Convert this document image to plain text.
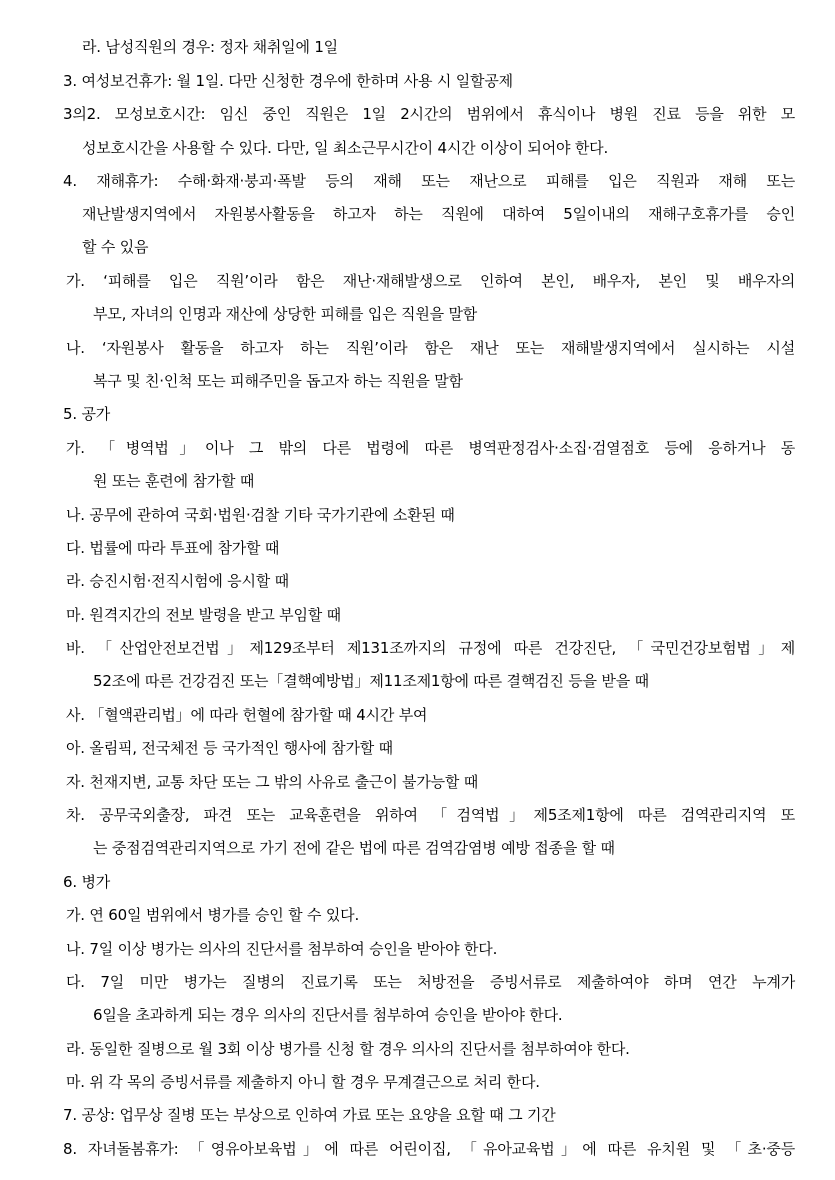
라. 남성직원의 경우: 정자 채취일에 1일

3. 여성보건휴가: 월 1일. 다만 신청한 경우에 한하며 사용 시 일할공제

3의2. 모성보호시간: 임신 중인 직원은 1일 2시간의 범위에서 휴식이나 병원 진료 등을 위한 모

성보호시간을 사용할 수 있다. 다만, 일 최소근무시간이 4시간 이상이 되어야 한다.

4. 재해휴가: 수해·화재·붕괴·폭발 등의 재해 또는 재난으로 피해를 입은 직원과 재해 또는

재난발생지역에서 자원봉사활동을 하고자 하는 직원에 대하여 5일이내의 재해구호휴가를 승인

할 수 있음

가. ‘피해를 입은 직원’이라 함은 재난·재해발생으로 인하여 본인, 배우자, 본인 및 배우자의

부모, 자녀의 인명과 재산에 상당한 피해를 입은 직원을 말함

나. ‘자원봉사 활동을 하고자 하는 직원’이라 함은 재난 또는 재해발생지역에서 실시하는 시설

복구 및 친·인척 또는 피해주민을 돕고자 하는 직원을 말함

5. 공가

가. 「병역법」이나 그 밖의 다른 법령에 따른 병역판정검사·소집·검열점호 등에 응하거나 동

원 또는 훈련에 참가할 때

나. 공무에 관하여 국회·법원·검찰 기타 국가기관에 소환된 때

다. 법률에 따라 투표에 참가할 때

라. 승진시험·전직시험에 응시할 때

마. 원격지간의 전보 발령을 받고 부임할 때

바. 「산업안전보건법」제129조부터 제131조까지의 규정에 따른 건강진단, 「국민건강보험법」제

52조에 따른 건강검진 또는「결핵예방법」제11조제1항에 따른 결핵검진 등을 받을 때

사. 「혈액관리법」에 따라 헌혈에 참가할 때 4시간 부여

아. 올림픽, 전국체전 등 국가적인 행사에 참가할 때

자. 천재지변, 교통 차단 또는 그 밖의 사유로 출근이 불가능할 때

차. 공무국외출장, 파견 또는 교육훈련을 위하여 「검역법」제5조제1항에 따른 검역관리지역 또

는 중점검역관리지역으로 가기 전에 같은 법에 따른 검역감염병 예방 접종을 할 때

6. 병가

가. 연 60일 범위에서 병가를 승인 할 수 있다.

나. 7일 이상 병가는 의사의 진단서를 첨부하여 승인을 받아야 한다.

다. 7일 미만 병가는 질병의 진료기록 또는 처방전을 증빙서류로 제출하여야 하며 연간 누계가

6일을 초과하게 되는 경우 의사의 진단서를 첨부하여 승인을 받아야 한다.

라. 동일한 질병으로 월 3회 이상 병가를 신청 할 경우 의사의 진단서를 첨부하여야 한다.

마. 위 각 목의 증빙서류를 제출하지 아니 할 경우 무계결근으로 처리 한다.

7. 공상: 업무상 질병 또는 부상으로 인하여 가료 또는 요양을 요할 때 그 기간

8. 자녀돌봄휴가: 「영유아보육법」에 따른 어린이집, 「유아교육법」에 따른 유치원 및 「초·중등
